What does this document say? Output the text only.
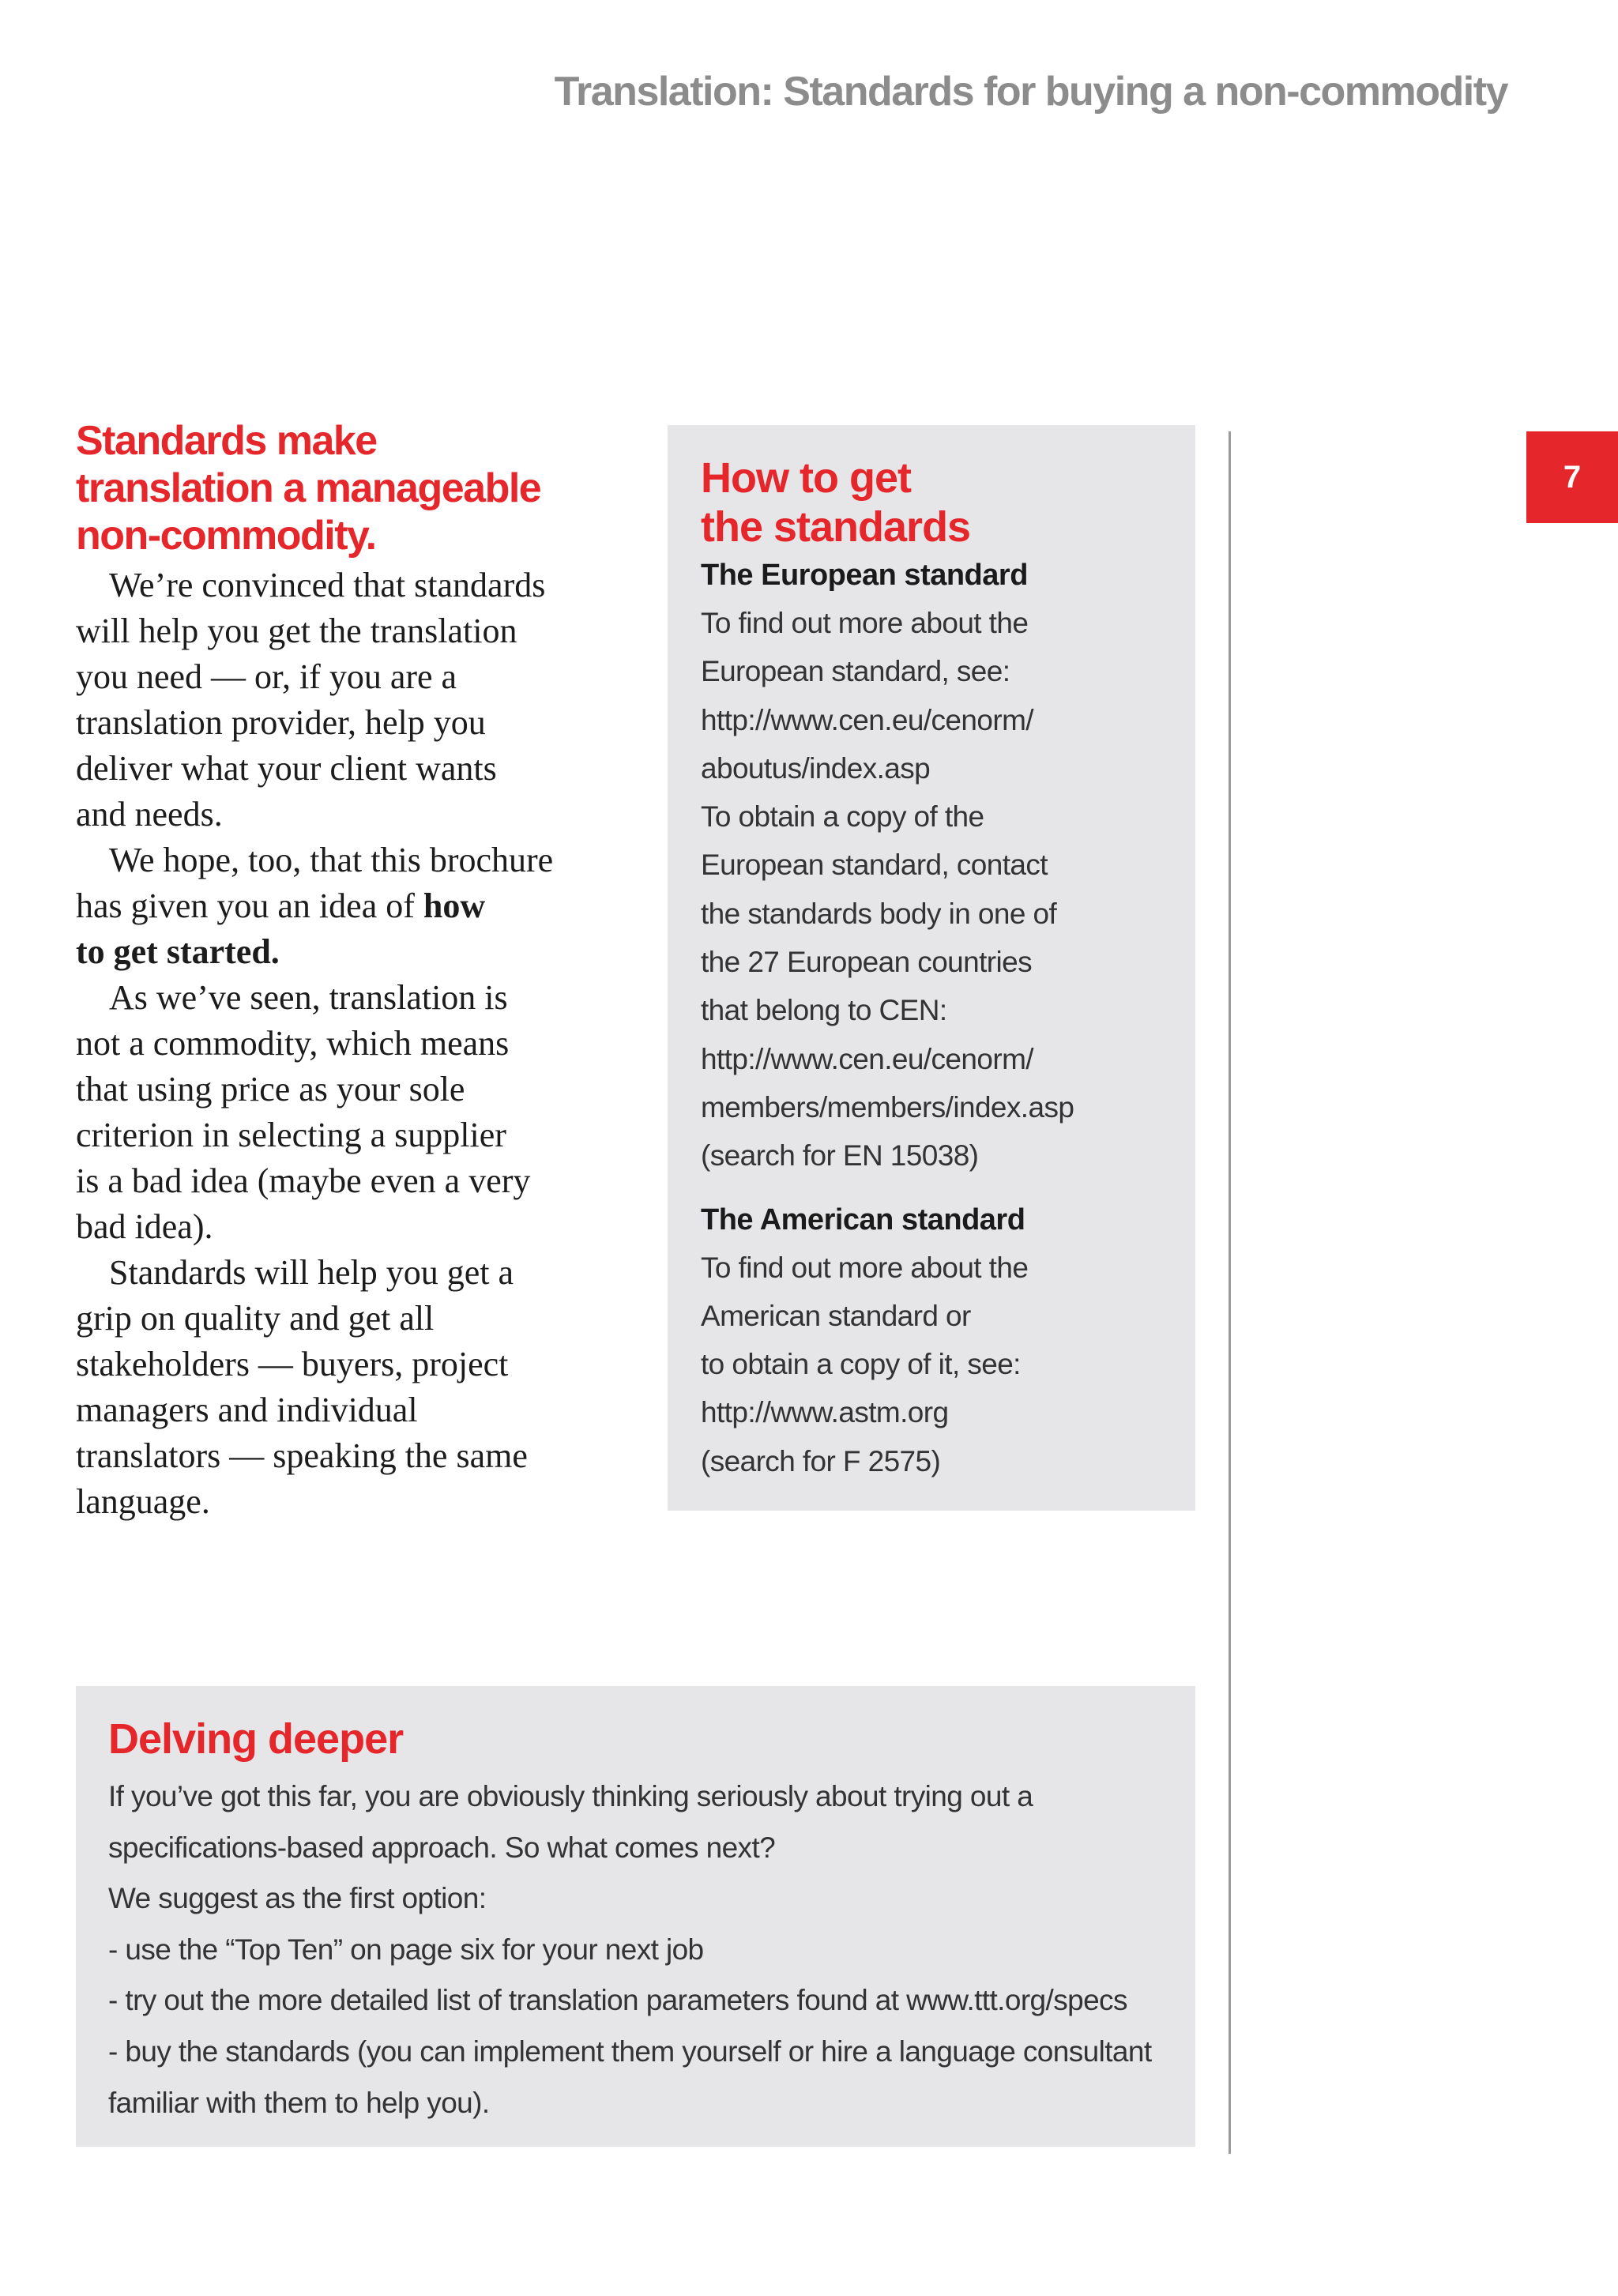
Translation: Standards for buying a non-commodity
7
Standards make
translation a manageable
non-commodity.
We’re convinced that standards
will help you get the translation
you need — or, if you are a
translation provider, help you
deliver what your client wants
and needs.
We hope, too, that this brochure
has given you an idea of how
to get started.
As we’ve seen, translation is
not a commodity, which means
that using price as your sole
criterion in selecting a supplier
is a bad idea (maybe even a very
bad idea).
Standards will help you get a
grip on quality and get all
stakeholders — buyers, project
managers and individual
translators — speaking the same
language.
How to get
the standards
The European standard
To find out more about the
European standard, see:
http://www.cen.eu/cenorm/
aboutus/index.asp
To obtain a copy of the
European standard, contact
the standards body in one of
the 27 European countries
that belong to CEN:
http://www.cen.eu/cenorm/
members/members/index.asp
(search for EN 15038)
The American standard
To find out more about the
American standard or
to obtain a copy of it, see:
http://www.astm.org
(search for F 2575)
Delving deeper
If you’ve got this far, you are obviously thinking seriously about trying out a
specifications-based approach. So what comes next?
We suggest as the first option:
- use the “Top Ten” on page six for your next job
- try out the more detailed list of translation parameters found at www.ttt.org/specs
- buy the standards (you can implement them yourself or hire a language consultant
familiar with them to help you).
